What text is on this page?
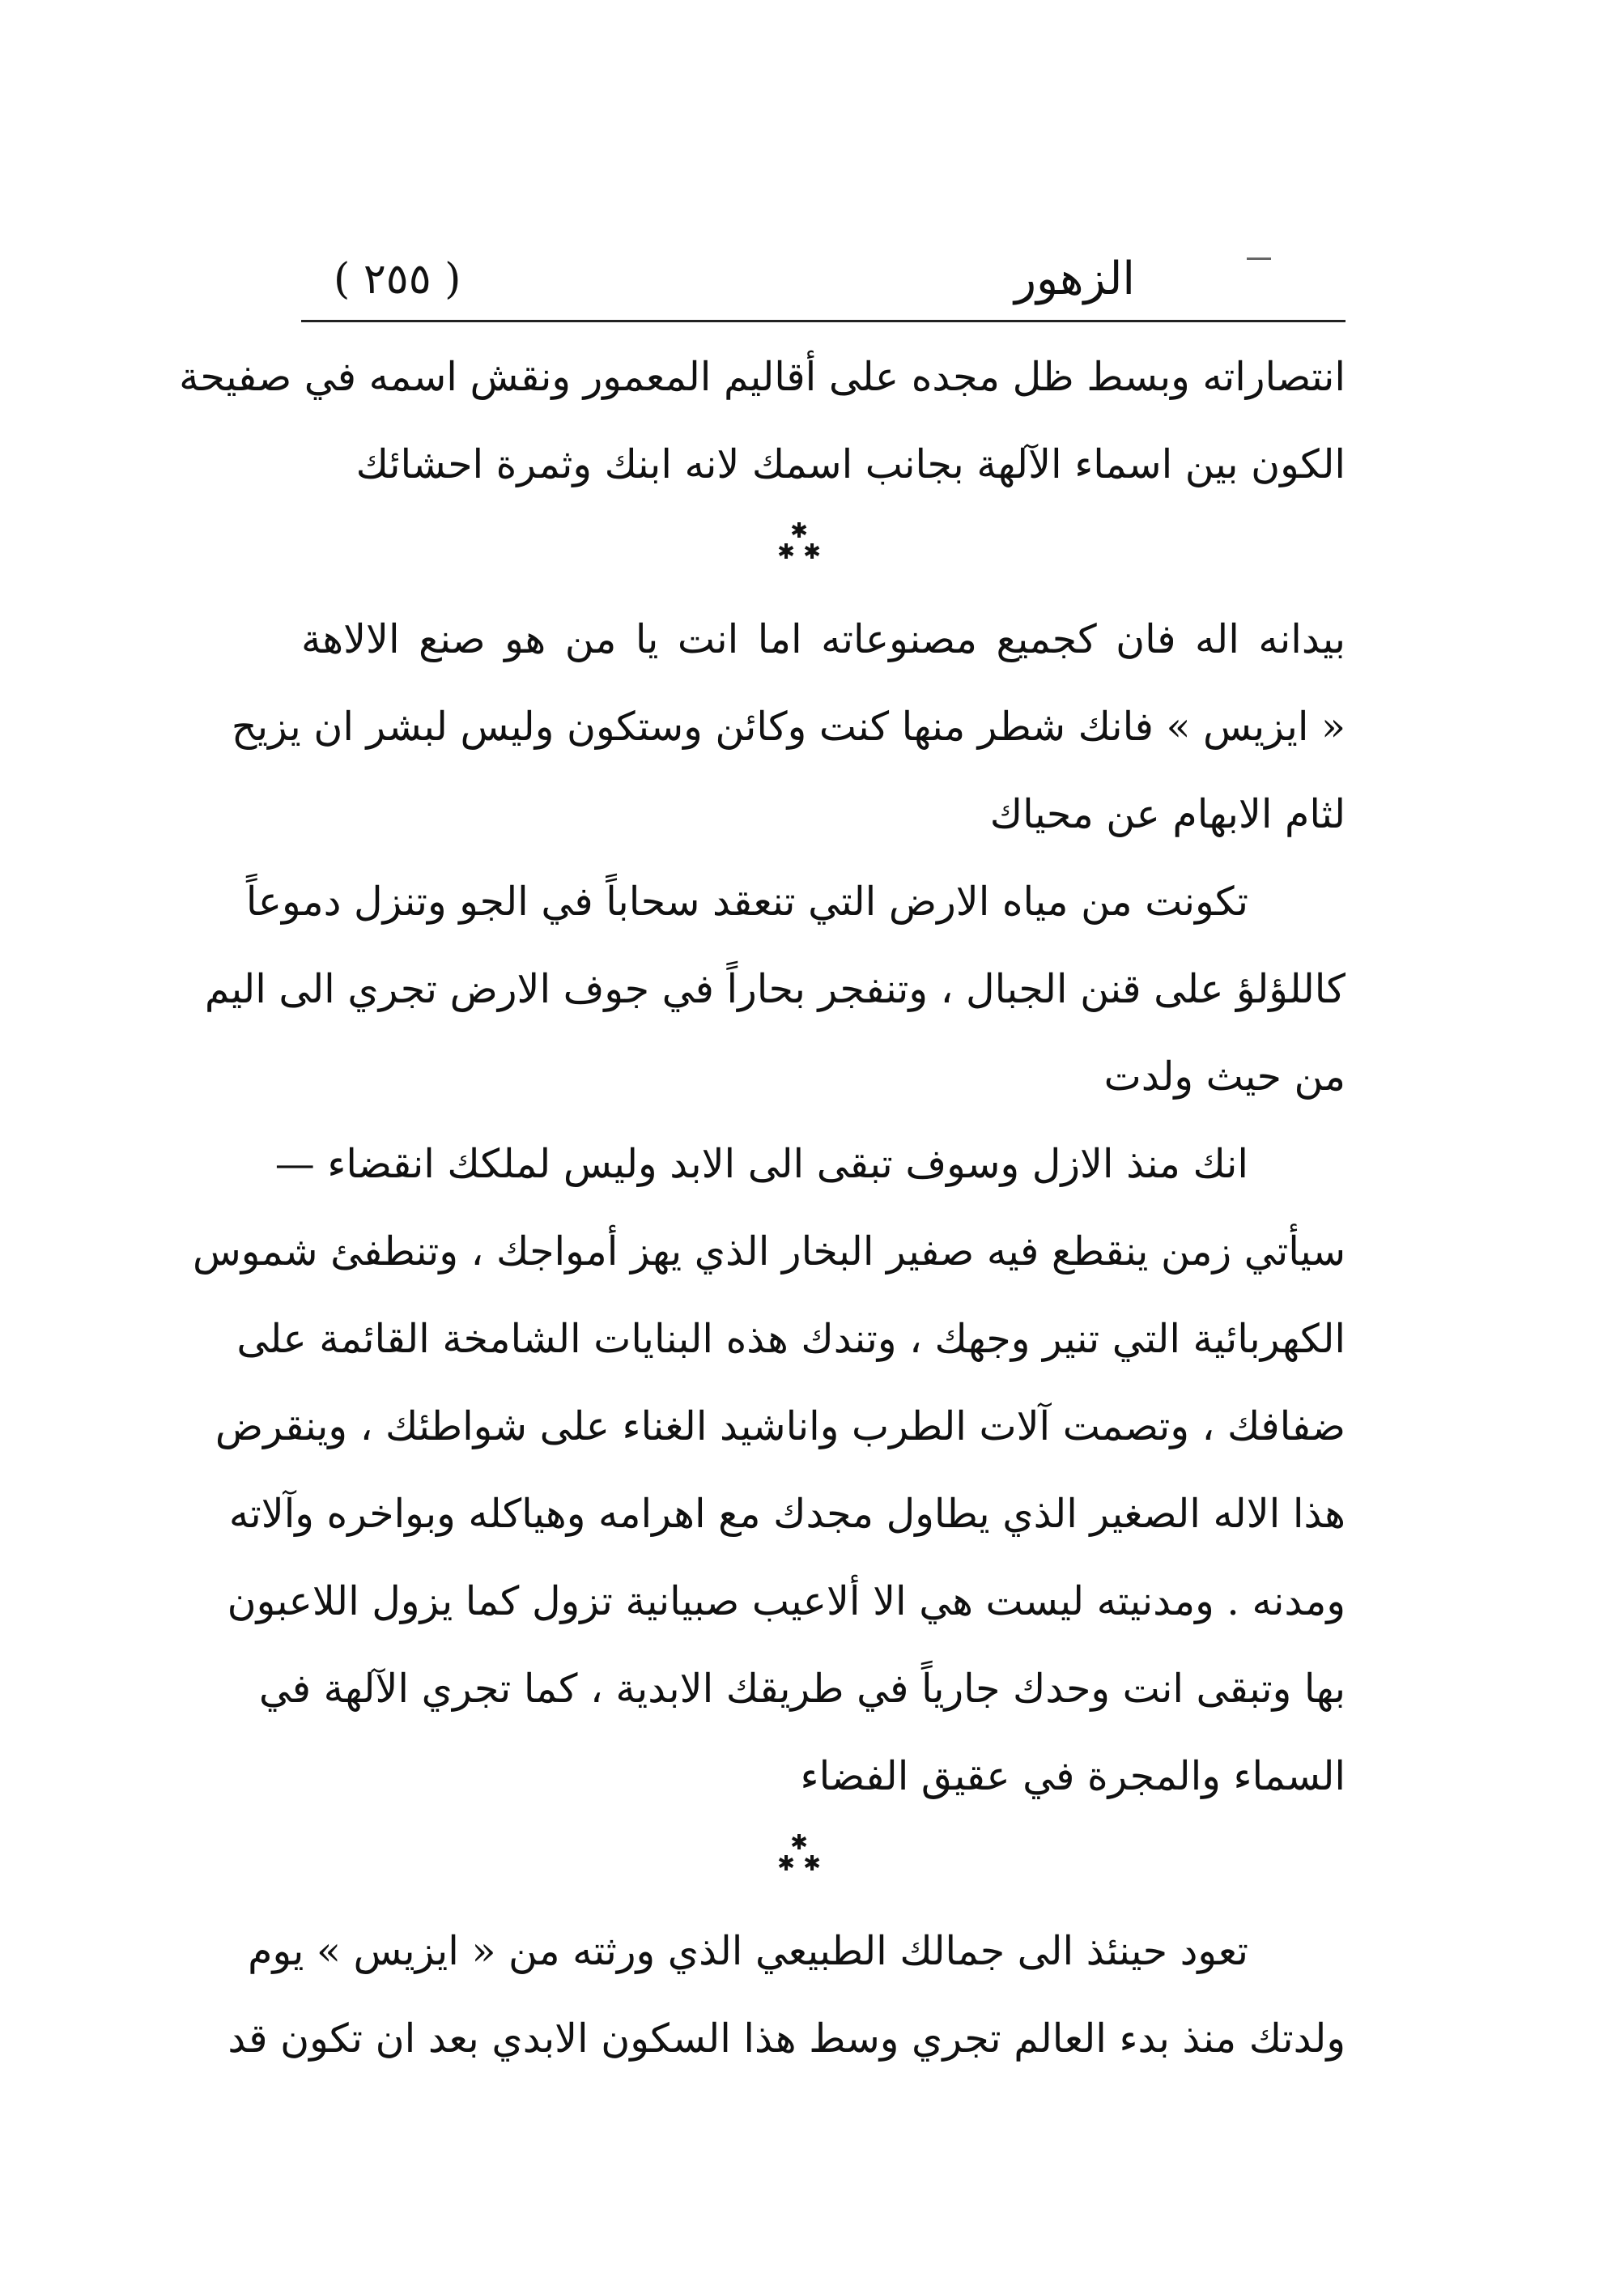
الزهور
( ٢٥٥ )
انتصاراته وبسط ظل مجده على أقاليم المعمور ونقش اسمه في صفيحة
الكون بين اسماء الآلهة بجانب اسمك لانه ابنك وثمرة احشائك
✱
✱ ✱
بيدانه اله فان كجميع مصنوعاته اما انت يا من هو صنع الالاهة
« ايزيس » فانك شطر منها كنت وكائن وستكون وليس لبشر ان يزيح
لثام الابهام عن محياك
تكونت من مياه الارض التي تنعقد سحاباً في الجو وتنزل دموعاً
كاللؤلؤ على قنن الجبال ، وتنفجر بحاراً في جوف الارض تجري الى اليم
من حيث ولدت
انك منذ الازل وسوف تبقى الى الابد وليس لملكك انقضاء —
سيأتي زمن ينقطع فيه صفير البخار الذي يهز أمواجك ، وتنطفئ شموس
الكهربائية التي تنير وجهك ، وتندك هذه البنايات الشامخة القائمة على
ضفافك ، وتصمت آلات الطرب واناشيد الغناء على شواطئك ، وينقرض
هذا الاله الصغير الذي يطاول مجدك مع اهرامه وهياكله وبواخره وآلاته
ومدنه . ومدنيته ليست هي الا ألاعيب صبيانية تزول كما يزول اللاعبون
بها وتبقى انت وحدك جارياً في طريقك الابدية ، كما تجري الآلهة في
السماء والمجرة في عقيق الفضاء
✱
✱ ✱
تعود حينئذ الى جمالك الطبيعي الذي ورثته من « ايزيس » يوم
ولدتك منذ بدء العالم تجري وسط هذا السكون الابدي بعد ان تكون قد
